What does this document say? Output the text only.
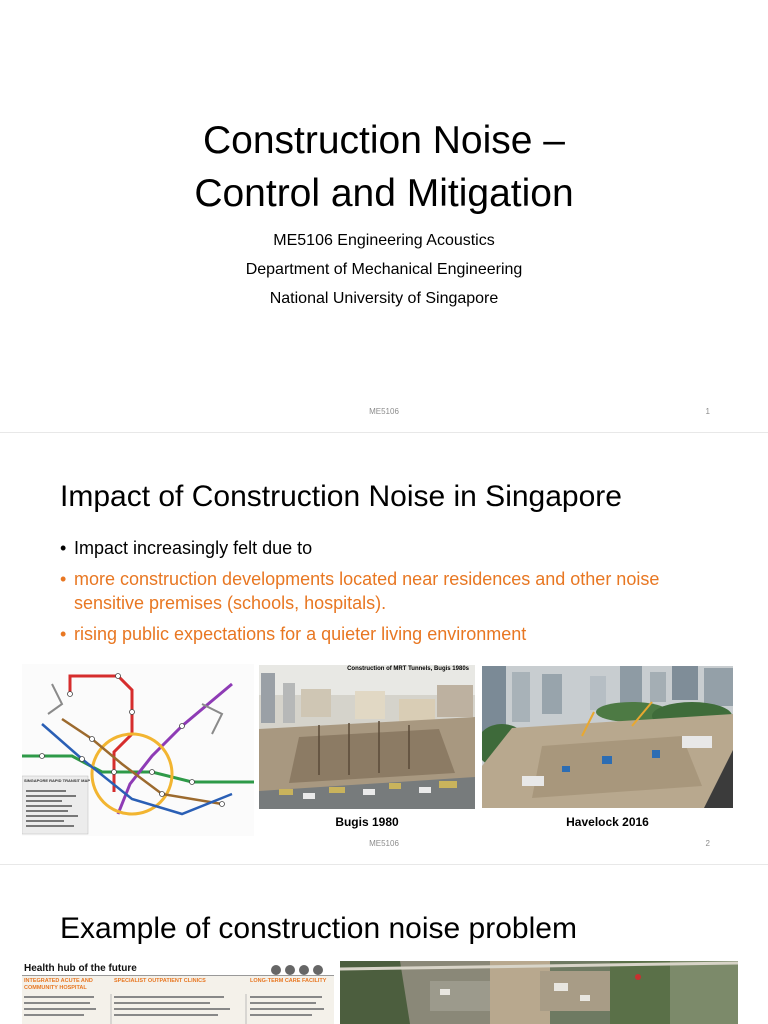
Construction Noise –
Control and Mitigation
ME5106 Engineering Acoustics
Department of Mechanical Engineering
National University of Singapore
ME5106	1
Impact of Construction Noise in Singapore
• Impact increasingly felt due to
• more construction developments located near residences and other noise sensitive premises (schools, hospitals).
• rising public expectations for a quieter living environment
SINGAPORE RAPID TRANSIT MAP
Construction of MRT Tunnels, Bugis 1980s
Bugis 1980	Havelock 2016
ME5106	2
Example of construction noise problem
Health hub of the future
INTEGRATED ACUTE AND COMMUNITY HOSPITAL
SPECIALIST OUTPATIENT CLINICS	LONG-TERM CARE FACILITY
